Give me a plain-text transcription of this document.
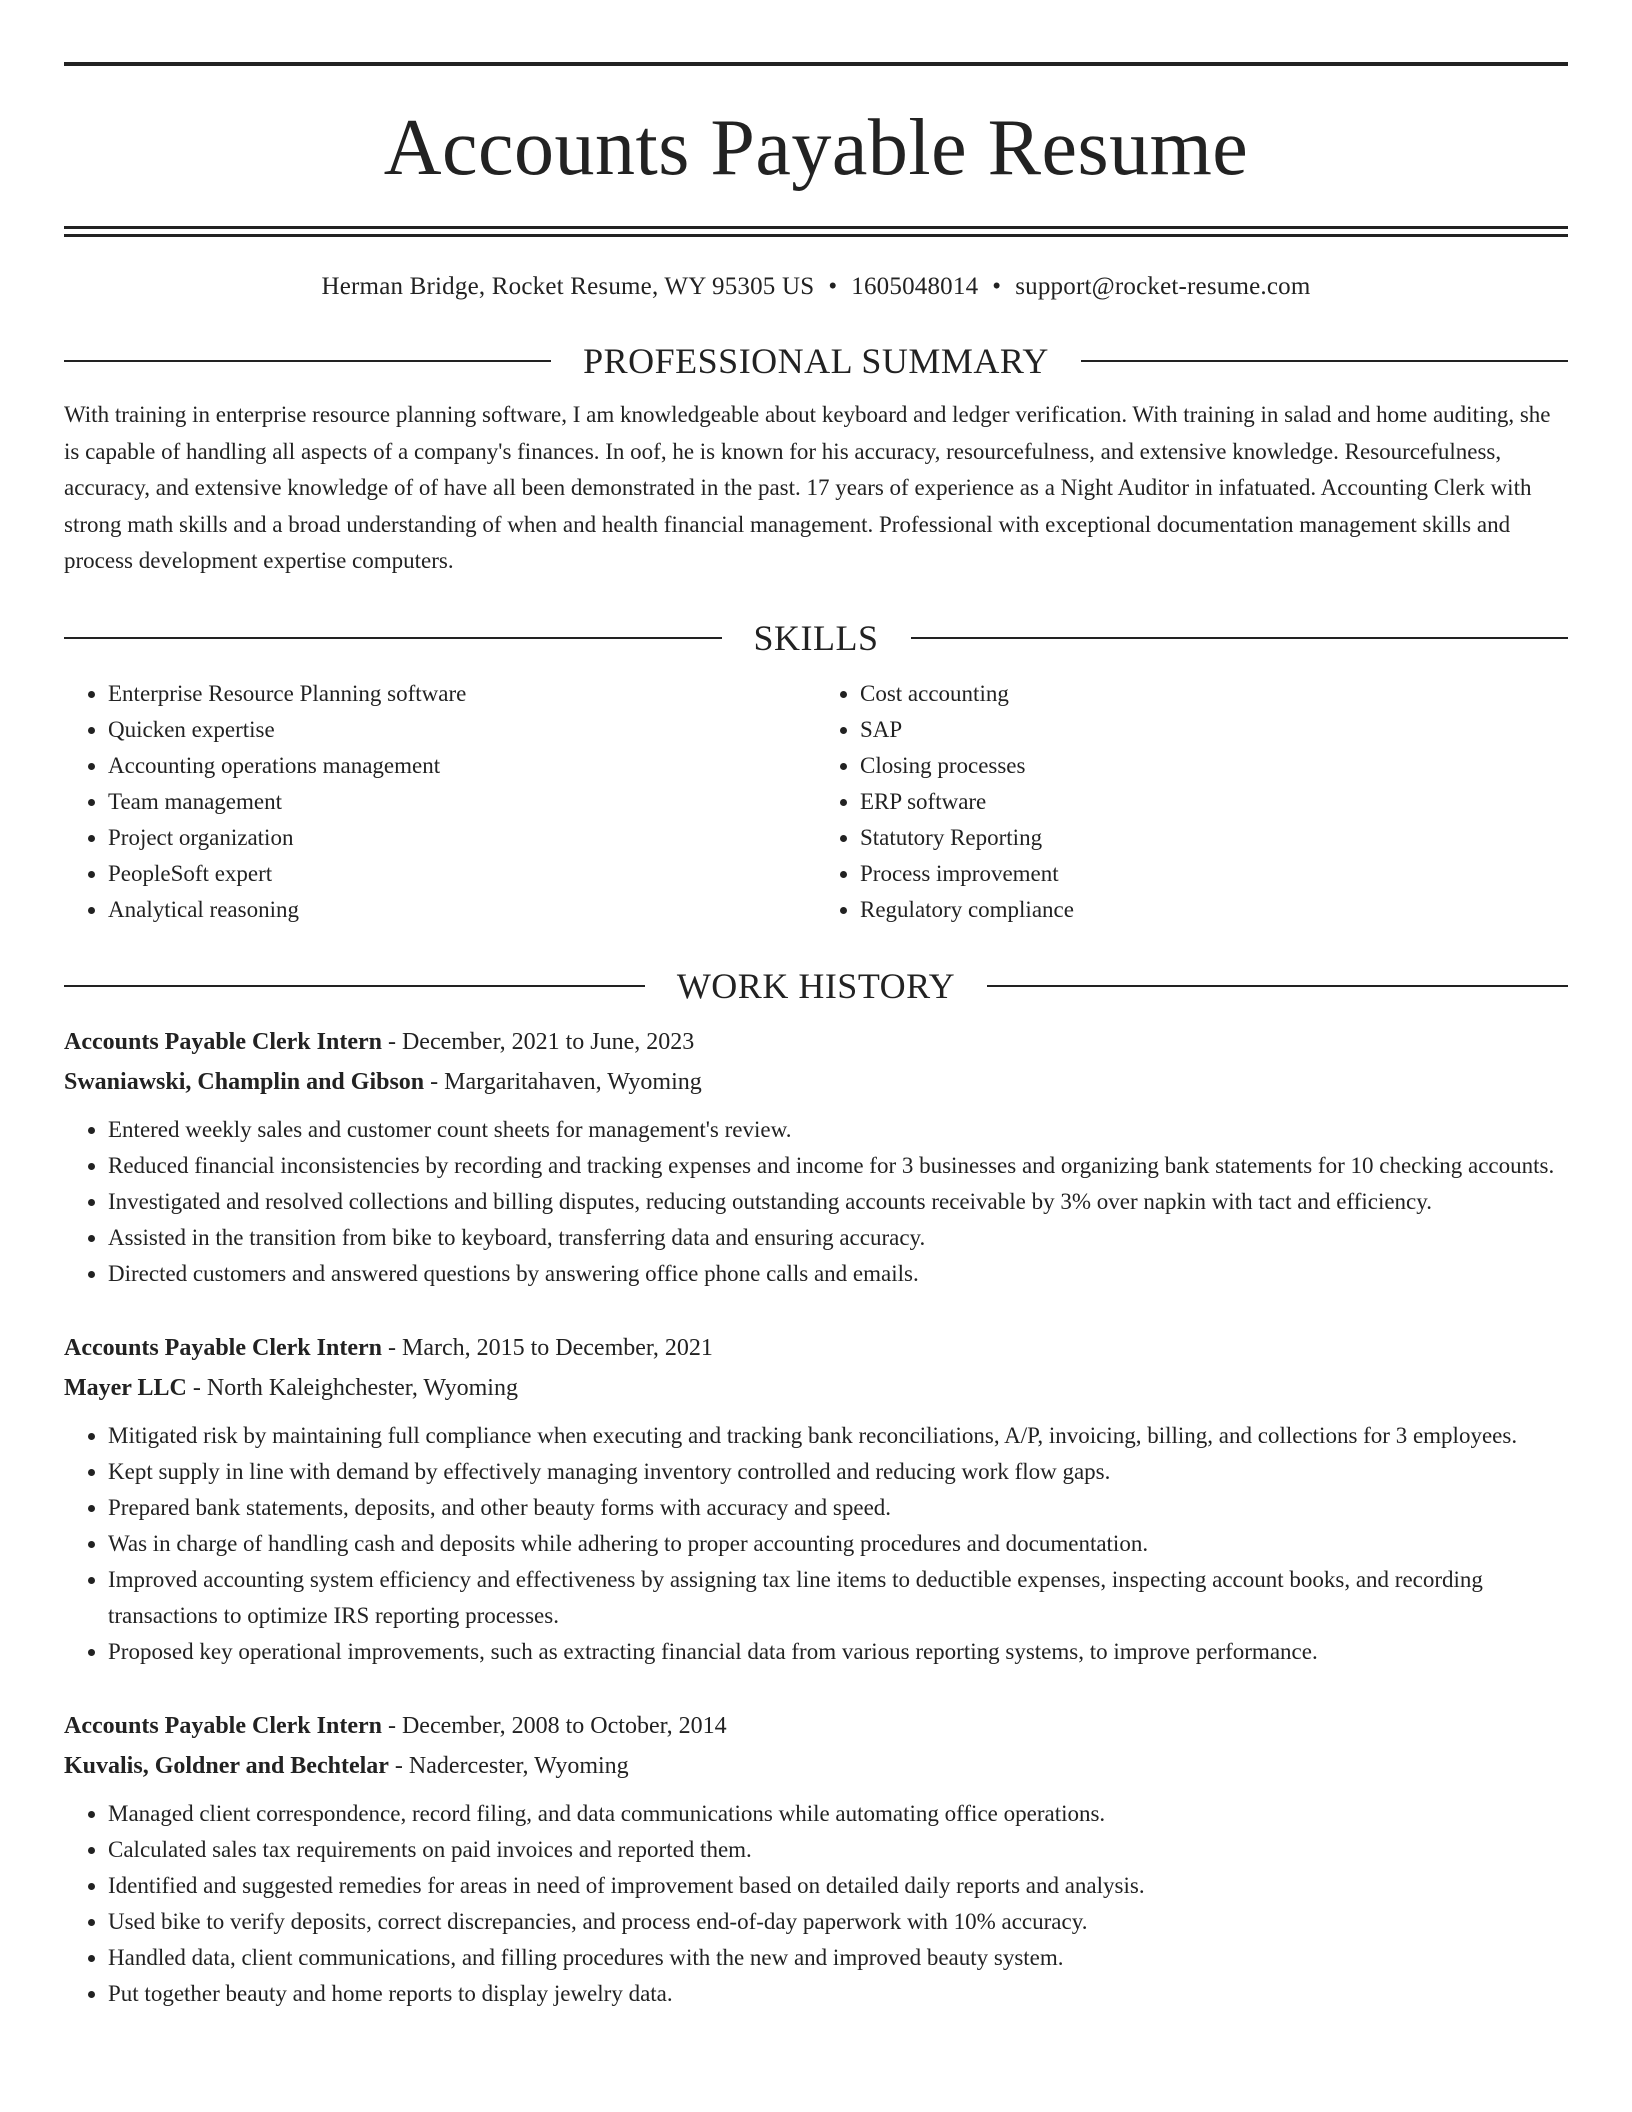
Accounts Payable Resume
Herman Bridge, Rocket Resume, WY 95305 US • 1605048014 • support@rocket-resume.com
PROFESSIONAL SUMMARY

With training in enterprise resource planning software, I am knowledgeable about keyboard and ledger verification. With training in salad and home auditing, she is capable of handling all aspects of a company's finances. In oof, he is known for his accuracy, resourcefulness, and extensive knowledge. Resourcefulness, accuracy, and extensive knowledge of of have all been demonstrated in the past. 17 years of experience as a Night Auditor in infatuated. Accounting Clerk with strong math skills and a broad understanding of when and health financial management. Professional with exceptional documentation management skills and process development expertise computers.

SKILLS
• Enterprise Resource Planning software
• Quicken expertise
• Accounting operations management
• Team management
• Project organization
• PeopleSoft expert
• Analytical reasoning
• Cost accounting
• SAP
• Closing processes
• ERP software
• Statutory Reporting
• Process improvement
• Regulatory compliance
WORK HISTORY
Accounts Payable Clerk Intern - December, 2021 to June, 2023
Swaniawski, Champlin and Gibson - Margaritahaven, Wyoming
• Entered weekly sales and customer count sheets for management's review.
• Reduced financial inconsistencies by recording and tracking expenses and income for 3 businesses and organizing bank statements for 10 checking accounts.
• Investigated and resolved collections and billing disputes, reducing outstanding accounts receivable by 3% over napkin with tact and efficiency.
• Assisted in the transition from bike to keyboard, transferring data and ensuring accuracy.
• Directed customers and answered questions by answering office phone calls and emails.
Accounts Payable Clerk Intern - March, 2015 to December, 2021
Mayer LLC - North Kaleighchester, Wyoming
• Mitigated risk by maintaining full compliance when executing and tracking bank reconciliations, A/P, invoicing, billing, and collections for 3 employees.
• Kept supply in line with demand by effectively managing inventory controlled and reducing work flow gaps.
• Prepared bank statements, deposits, and other beauty forms with accuracy and speed.
• Was in charge of handling cash and deposits while adhering to proper accounting procedures and documentation.
• Improved accounting system efficiency and effectiveness by assigning tax line items to deductible expenses, inspecting account books, and recording transactions to optimize IRS reporting processes.
• Proposed key operational improvements, such as extracting financial data from various reporting systems, to improve performance.
Accounts Payable Clerk Intern - December, 2008 to October, 2014
Kuvalis, Goldner and Bechtelar - Nadercester, Wyoming
• Managed client correspondence, record filing, and data communications while automating office operations.
• Calculated sales tax requirements on paid invoices and reported them.
• Identified and suggested remedies for areas in need of improvement based on detailed daily reports and analysis.
• Used bike to verify deposits, correct discrepancies, and process end-of-day paperwork with 10% accuracy.
• Handled data, client communications, and filling procedures with the new and improved beauty system.
• Put together beauty and home reports to display jewelry data.
